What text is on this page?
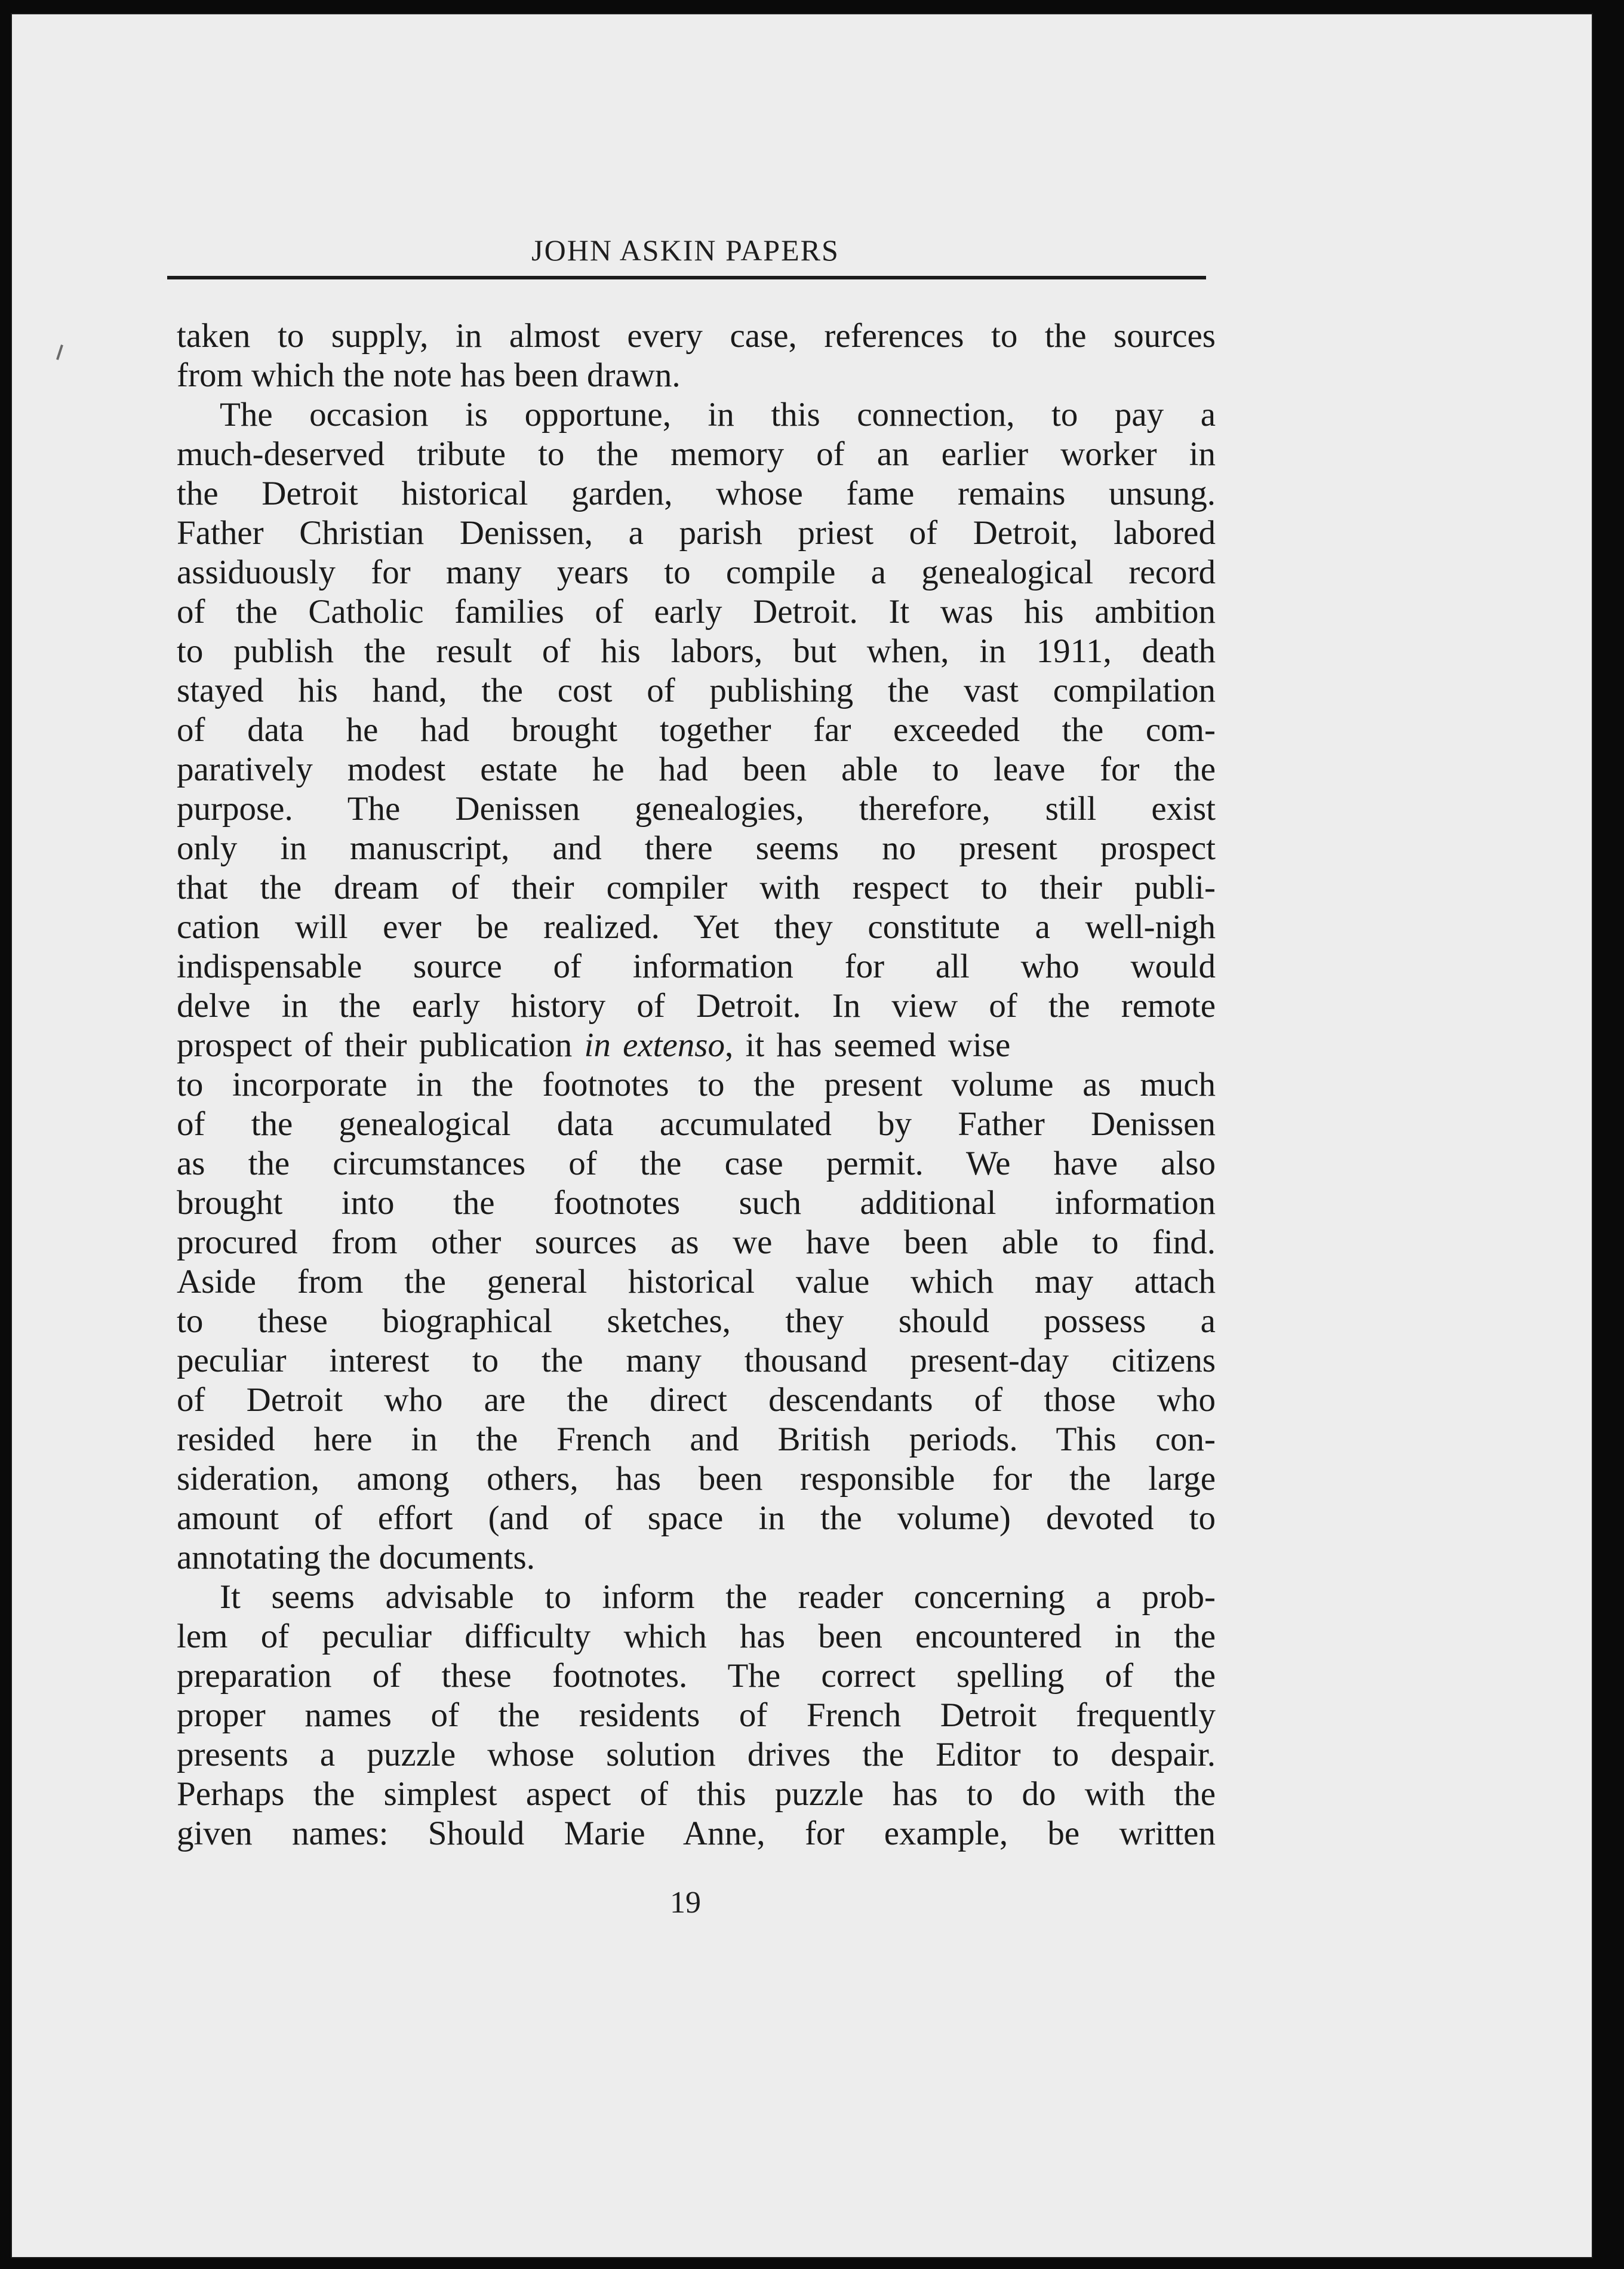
JOHN ASKIN PAPERS
taken to supply, in almost every case, references to the sources
from which the note has been drawn.
The occasion is opportune, in this connection, to pay a
much-deserved tribute to the memory of an earlier worker in
the Detroit historical garden, whose fame remains unsung.
Father Christian Denissen, a parish priest of Detroit, labored
assiduously for many years to compile a genealogical record
of the Catholic families of early Detroit. It was his ambition
to publish the result of his labors, but when, in 1911, death
stayed his hand, the cost of publishing the vast compilation
of data he had brought together far exceeded the com-
paratively modest estate he had been able to leave for the
purpose. The Denissen genealogies, therefore, still exist
only in manuscript, and there seems no present prospect
that the dream of their compiler with respect to their publi-
cation will ever be realized. Yet they constitute a well-nigh
indispensable source of information for all who would
delve in the early history of Detroit. In view of the remote
prospect of their publication in extenso, it has seemed wise
to incorporate in the footnotes to the present volume as much
of the genealogical data accumulated by Father Denissen
as the circumstances of the case permit. We have also
brought into the footnotes such additional information
procured from other sources as we have been able to find.
Aside from the general historical value which may attach
to these biographical sketches, they should possess a
peculiar interest to the many thousand present-day citizens
of Detroit who are the direct descendants of those who
resided here in the French and British periods. This con-
sideration, among others, has been responsible for the large
amount of effort (and of space in the volume) devoted to
annotating the documents.
It seems advisable to inform the reader concerning a prob-
lem of peculiar difficulty which has been encountered in the
preparation of these footnotes. The correct spelling of the
proper names of the residents of French Detroit frequently
presents a puzzle whose solution drives the Editor to despair.
Perhaps the simplest aspect of this puzzle has to do with the
given names: Should Marie Anne, for example, be written
19
